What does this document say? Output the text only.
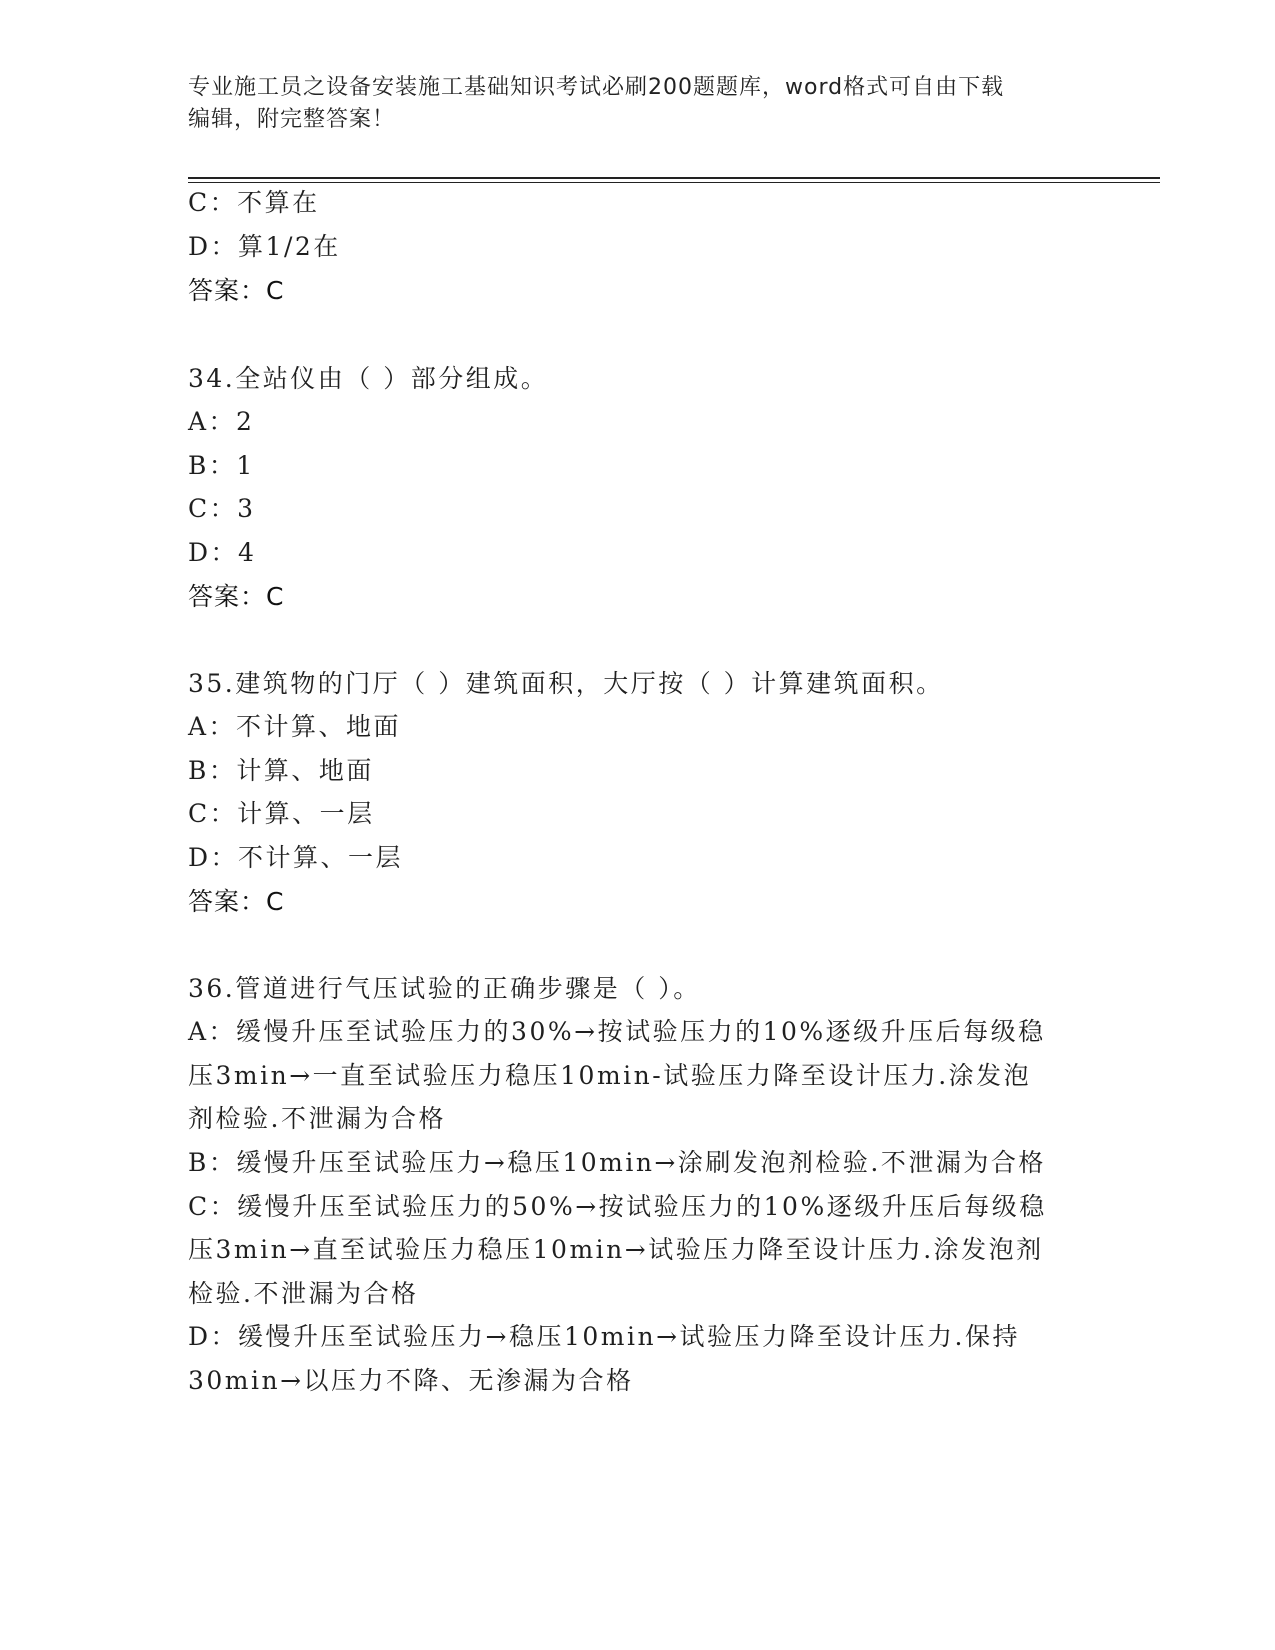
专业施工员之设备安装施工基础知识考试必刷200题题库，word格式可自由下载
编辑，附完整答案！
C：不算在
D：算1/2在
答案：C
34.全站仪由（ ）部分组成。
A：2
B：1
C：3
D：4
答案：C
35.建筑物的门厅（ ）建筑面积，大厅按（ ）计算建筑面积。
A：不计算、地面
B：计算、地面
C：计算、一层
D：不计算、一层
答案：C
36.管道进行气压试验的正确步骤是（ ）。
A：缓慢升压至试验压力的30%→按试验压力的10%逐级升压后每级稳
压3min→一直至试验压力稳压10min-试验压力降至设计压力.涂发泡
剂检验.不泄漏为合格
B：缓慢升压至试验压力→稳压10min→涂刷发泡剂检验.不泄漏为合格
C：缓慢升压至试验压力的50%→按试验压力的10%逐级升压后每级稳
压3min→直至试验压力稳压10min→试验压力降至设计压力.涂发泡剂
检验.不泄漏为合格
D：缓慢升压至试验压力→稳压10min→试验压力降至设计压力.保持
30min→以压力不降、无渗漏为合格
